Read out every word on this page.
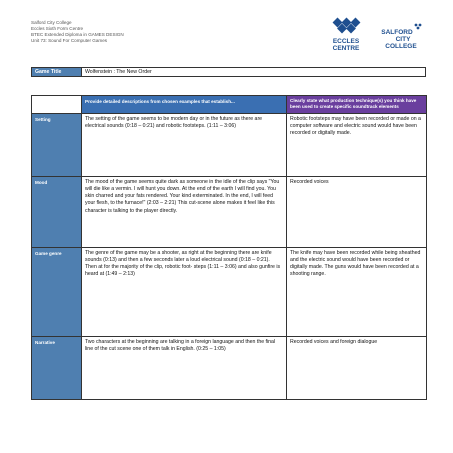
Salford City College
Eccles Sixth Form Centre
BTEC Extended Diploma in GAMES DESIGN
Unit 73: Sound For Computer Games	ECCLES
CENTRE
SALFORD
CITY
COLLEGE
Game Title	Wolfenstein : The New Order
	Provide detailed descriptions from chosen examples that establish...	Clearly state what production technique(s) you think have been used to create specific soundtrack elements
Setting	The setting of the game seems to be modern day or in the future as there are electrical sounds (0:18 – 0:21) and robotic footsteps. (1:11 – 3:06)	Robotic footsteps may have been recorded or made on a computer software and electric sound would have been recorded or digitally made.
Mood	The mood of the game seems quite dark as someone in the idle of the clip says "You will die like a vermin. I will hunt you down. At the end of the earth I will find you. You skin charred and your fats rendered. Your kind exterminated. In the end, I will feed your flesh, to the furnace!" (2:03 – 2:21) This cut-scene alone makes it feel like this character is talking to the player directly.	Recorded voices
Game genre	The genre of the game may be a shooter, as right at the beginning there are knife sounds (0:13) and then a few seconds later a loud electrical sound (0:18 – 0:21). Then at for the majority of the clip, robotic foot- steps (1:11 – 3:06) and also gunfire is heard at (1:49 – 2:13)	The knife may have been recorded while being sheathed and the electric sound would have been recorded or digitally made. The guns would have been recorded at a shooting range.
Narrative	Two characters at the beginning are talking in a foreign language and then the final line of the cut scene one of them talk in English. (0:25 – 1:05)	Recorded voices and foreign dialogue
